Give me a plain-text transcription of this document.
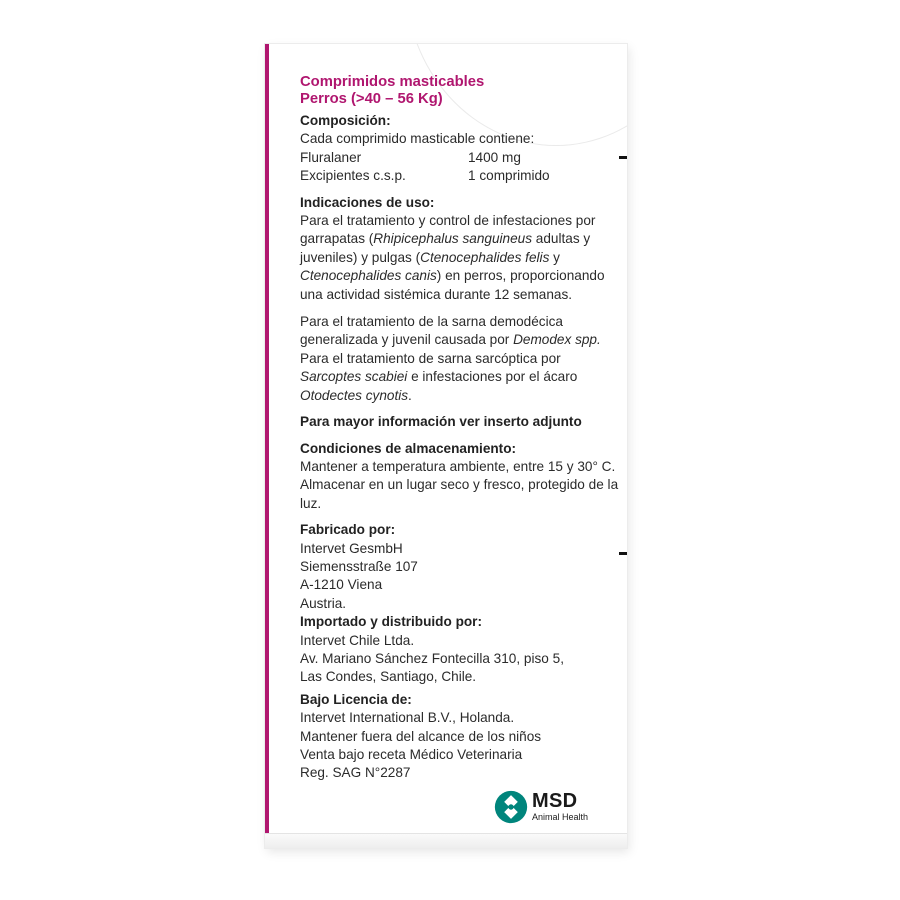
Comprimidos masticables
Perros (>40 – 56 Kg)
Composición:
Cada comprimido masticable contiene:
Fluralaner	1400 mg
Excipientes c.s.p.	1 comprimido
Indicaciones de uso:

Para el tratamiento y control de infestaciones por garrapatas (Rhipicephalus sanguineus adultas y juveniles) y pulgas (Ctenocephalides felis y Ctenocephalides canis) en perros, proporcionando una actividad sistémica durante 12 semanas.

Para el tratamiento de la sarna demodécica generalizada y juvenil causada por Demodex spp. Para el tratamiento de sarna sarcóptica por Sarcoptes scabiei e infestaciones por el ácaro Otodectes cynotis.

Para mayor información ver inserto adjunto
Condiciones de almacenamiento:
Mantener a temperatura ambiente, entre 15 y 30° C. Almacenar en un lugar seco y fresco, protegido de la luz.
Fabricado por:
Intervet GesmbH
Siemensstraße 107
A-1210 Viena
Austria.
Importado y distribuido por:
Intervet Chile Ltda.
Av. Mariano Sánchez Fontecilla 310, piso 5,
Las Condes, Santiago, Chile.
Bajo Licencia de:
Intervet International B.V., Holanda.
Mantener fuera del alcance de los niños
Venta bajo receta Médico Veterinaria
Reg. SAG N°2287
MSD
Animal Health
